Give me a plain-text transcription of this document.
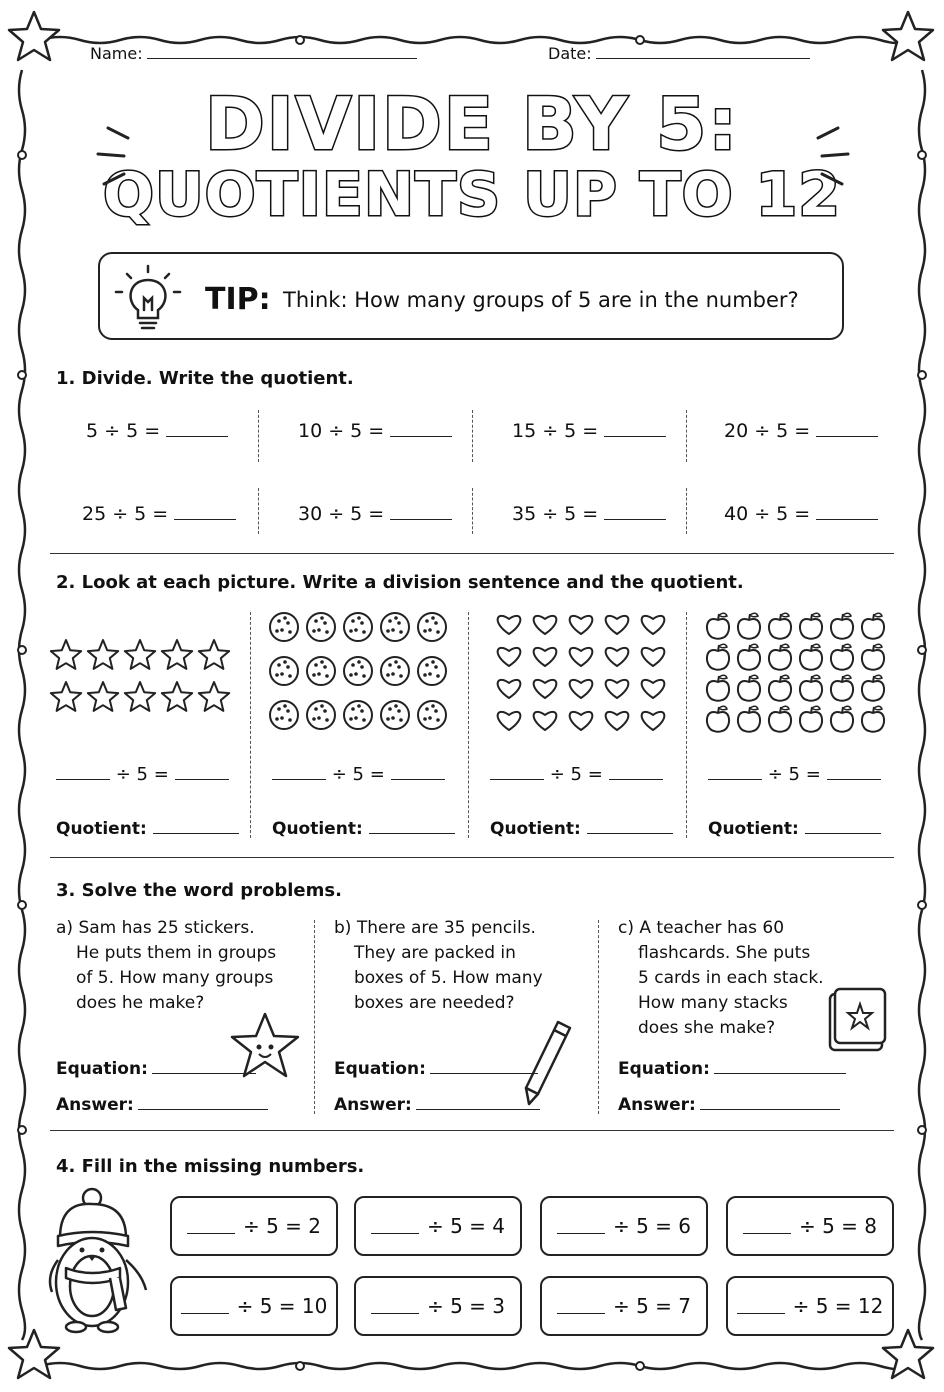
Name:	Date:
DIVIDE BY 5:
QUOTIENTS UP TO 12
TIP: Think: How many groups of 5 are in the number?
1. Divide. Write the quotient.
5 ÷ 5 =	10 ÷ 5 =	15 ÷ 5 =	20 ÷ 5 =
25 ÷ 5 =	30 ÷ 5 =	35 ÷ 5 =	40 ÷ 5 =
2. Look at each picture. Write a division sentence and the quotient.
÷ 5 =	÷ 5 =	÷ 5 =	÷ 5 =
Quotient:	Quotient:	Quotient:	Quotient:
3. Solve the word problems.
a) Sam has 25 stickers.
He puts them in groups
of 5. How many groups
does he make?
b) There are 35 pencils.
They are packed in
boxes of 5. How many
boxes are needed?
c) A teacher has 60
flashcards. She puts
5 cards in each stack.
How many stacks
does she make?
Equation:
Answer:
Equation:
Answer:
Equation:
Answer:
4. Fill in the missing numbers.
÷ 5 = 2	÷ 5 = 4	÷ 5 = 6	÷ 5 = 8
÷ 5 = 10	÷ 5 = 3	÷ 5 = 7	÷ 5 = 12
